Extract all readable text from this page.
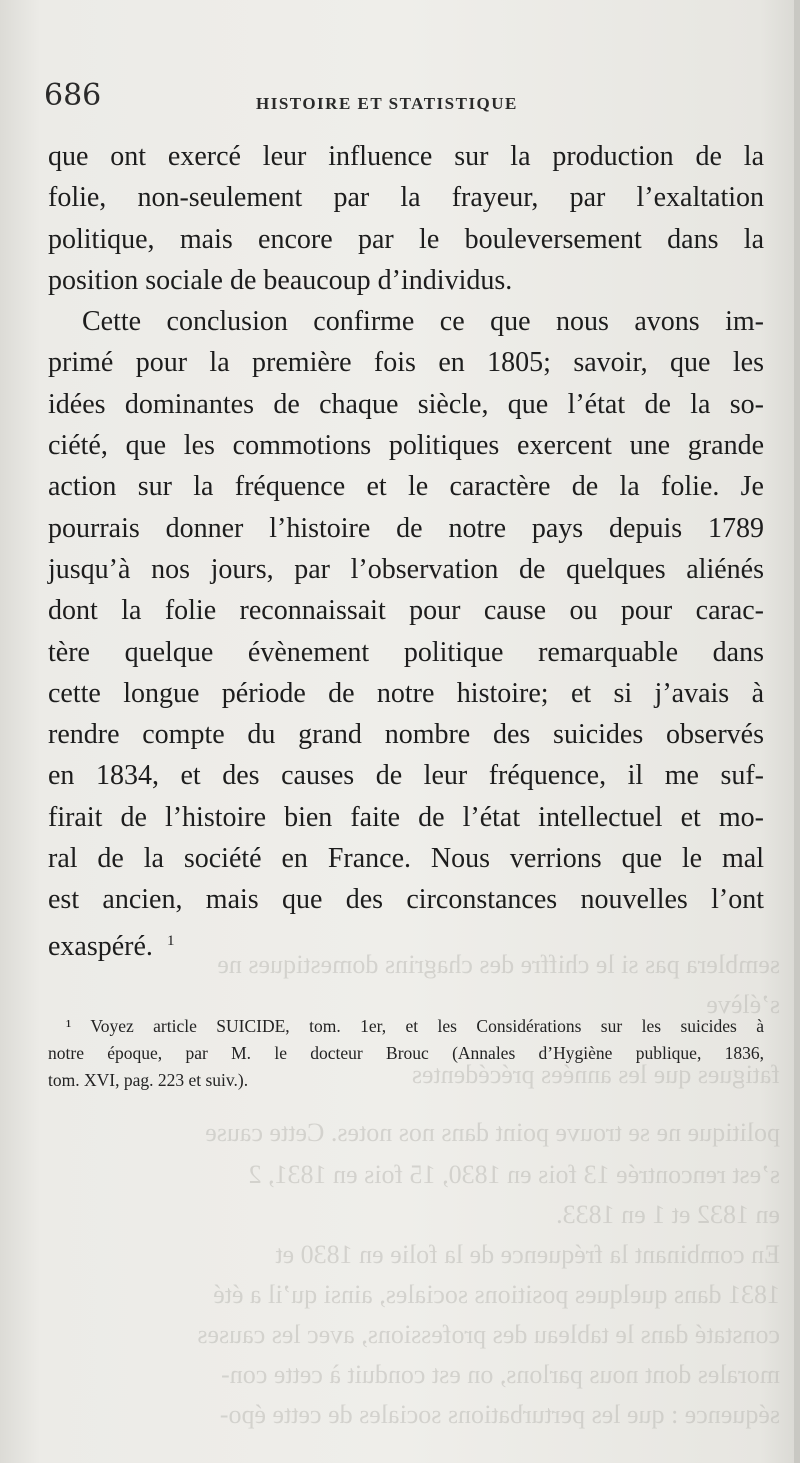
semblera pas si le chiffre des chagrins domestiques ne
s’élève
fatigues que les années précédentes
politique ne se trouve point dans nos notes. Cette cause
s’est rencontrée 13 fois en 1830, 15 fois en 1831, 2
en 1832 et 1 en 1833.
En combinant la fréquence de la folie en 1830 et
1831 dans quelques positions sociales, ainsi qu’il a été
constaté dans le tableau des professions, avec les causes
morales dont nous parlons, on est conduit à cette con-
séquence : que les perturbations sociales de cette épo-
686	HISTOIRE ET STATISTIQUE
que ont exercé leur influence sur la production de la
folie, non-seulement par la frayeur, par l’exaltation
politique, mais encore par le bouleversement dans la
position sociale de beaucoup d’individus.
Cette conclusion confirme ce que nous avons im-
primé pour la première fois en 1805; savoir, que les
idées dominantes de chaque siècle, que l’état de la so-
ciété, que les commotions politiques exercent une grande
action sur la fréquence et le caractère de la folie. Je
pourrais donner l’histoire de notre pays depuis 1789
jusqu’à nos jours, par l’observation de quelques aliénés
dont la folie reconnaissait pour cause ou pour carac-
tère quelque évènement politique remarquable dans
cette longue période de notre histoire; et si j’avais à
rendre compte du grand nombre des suicides observés
en 1834, et des causes de leur fréquence, il me suf-
firait de l’histoire bien faite de l’état intellectuel et mo-
ral de la société en France. Nous verrions que le mal
est ancien, mais que des circonstances nouvelles l’ont
exaspéré. $^1$
¹ Voyez article SUICIDE, tom. 1er, et les Considérations sur les suicides à
notre époque, par M. le docteur Brouc (Annales d’Hygiène publique, 1836,
tom. XVI, pag. 223 et suiv.).
